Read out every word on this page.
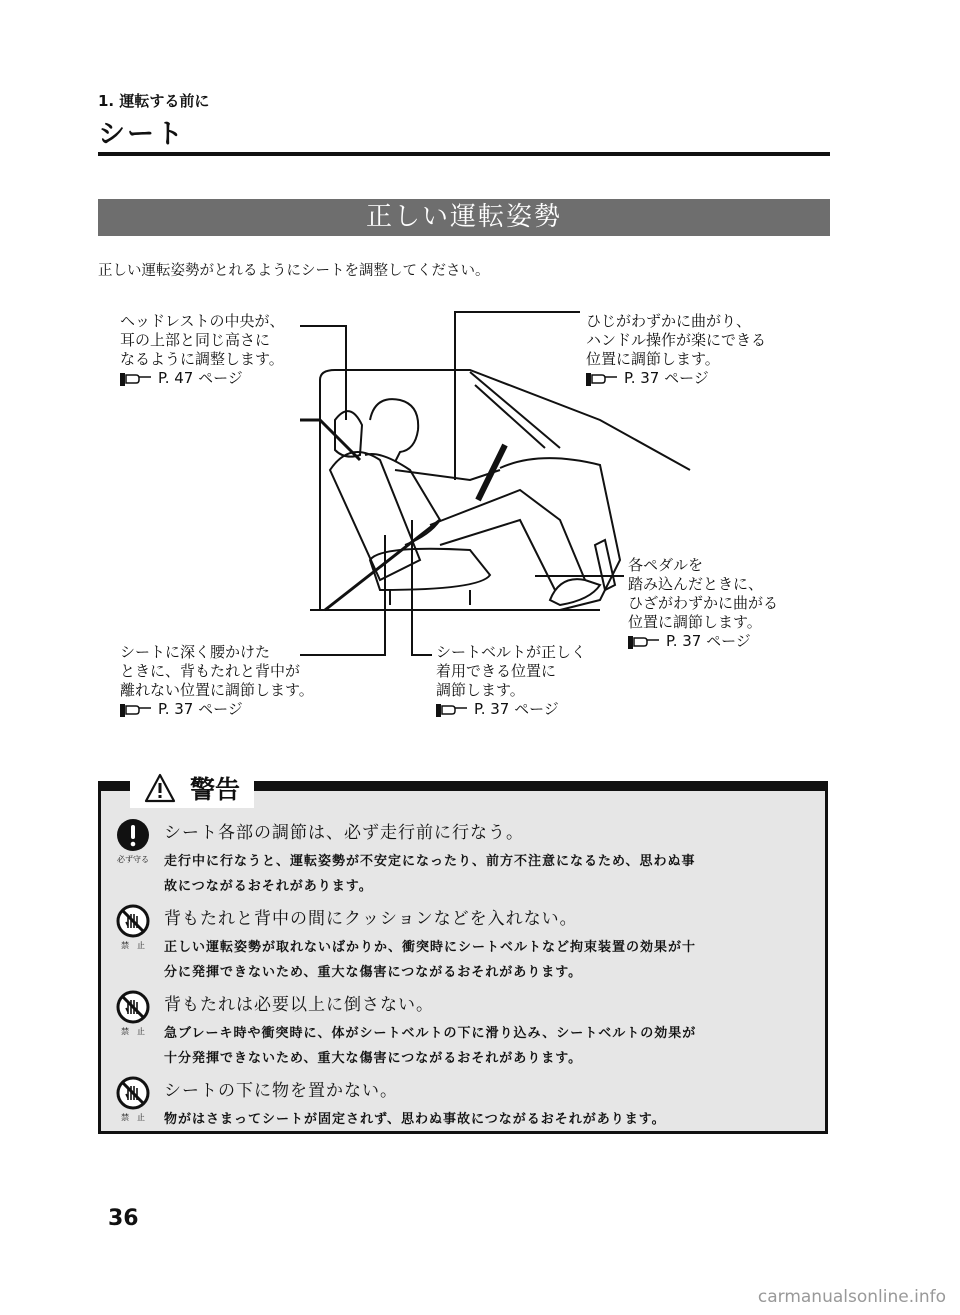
1. 運転する前に
シート
正しい運転姿勢
正しい運転姿勢がとれるようにシートを調整してください。
ヘッドレストの中央が、
耳の上部と同じ高さに
なるように調整します。
P. 47 ページ
ひじがわずかに曲がり、
ハンドル操作が楽にできる
位置に調節します。
P. 37 ページ
各ペダルを
踏み込んだときに、
ひざがわずかに曲がる
位置に調節します。
P. 37 ページ
シートに深く腰かけた
ときに、背もたれと背中が
離れない位置に調節します。
P. 37 ページ
シートベルトが正しく
着用できる位置に
調節します。
P. 37 ページ
警告
必ず守る
シート各部の調節は、必ず走行前に行なう。
走行中に行なうと、運転姿勢が不安定になったり、前方不注意になるため、思わぬ事
故につながるおそれがあります。
禁　止
背もたれと背中の間にクッションなどを入れない。
正しい運転姿勢が取れないばかりか、衝突時にシートベルトなど拘束装置の効果が十
分に発揮できないため、重大な傷害につながるおそれがあります。
禁　止
背もたれは必要以上に倒さない。
急ブレーキ時や衝突時に、体がシートベルトの下に滑り込み、シートベルトの効果が
十分発揮できないため、重大な傷害につながるおそれがあります。
禁　止
シートの下に物を置かない。
物がはさまってシートが固定されず、思わぬ事故につながるおそれがあります。
36
carmanualsonline.info
